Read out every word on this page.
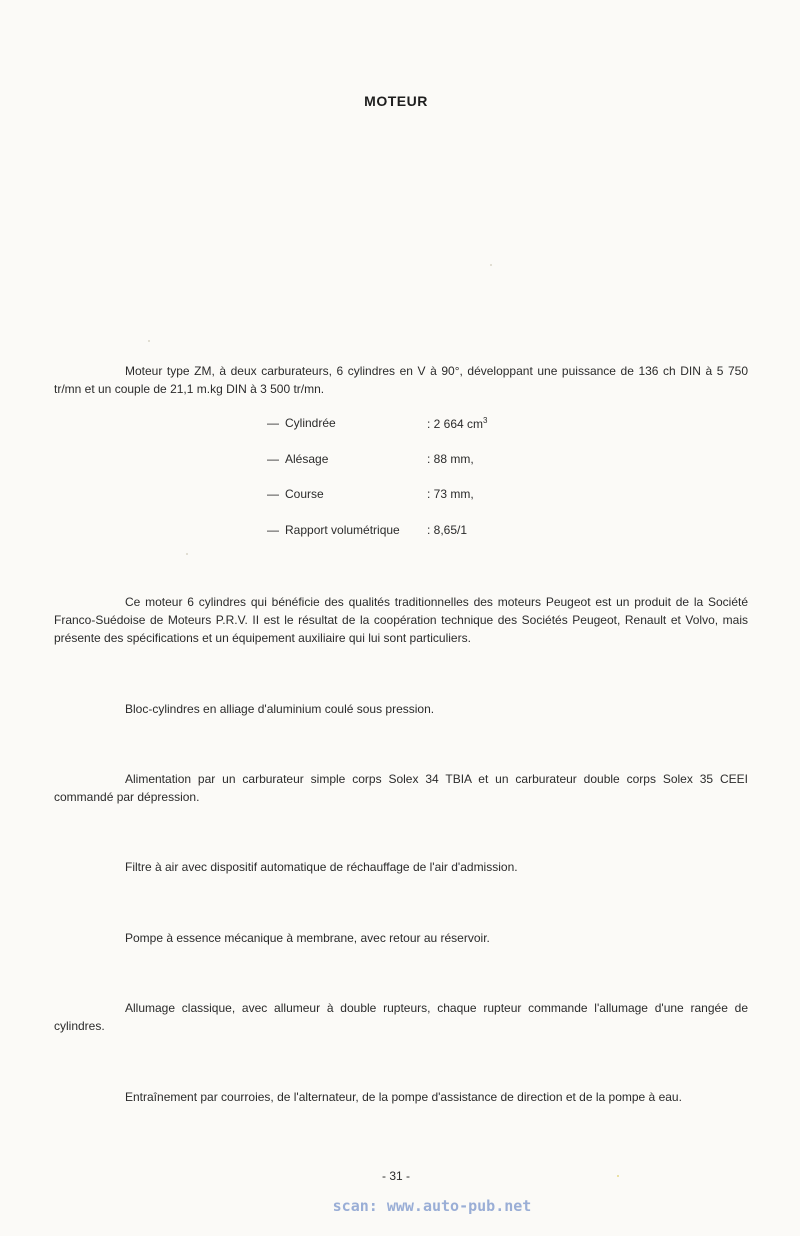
MOTEUR
Moteur type ZM, à deux carburateurs, 6 cylindres en V à 90°, développant une puissance de 136 ch DIN à 5 750 tr/mn et un couple de 21,1 m.kg DIN à 3 500 tr/mn.
— Cylindrée	: 2 664 $cm^3$
— Alésage	: 88 mm,
— Course	: 73 mm,
— Rapport volumétrique : 8,65/1
Ce moteur 6 cylindres qui bénéficie des qualités traditionnelles des moteurs Peugeot est un produit de la Société Franco-Suédoise de Moteurs P.R.V. II est le résultat de la coopération technique des Sociétés Peugeot, Renault et Volvo, mais présente des spécifications et un équipement auxiliaire qui lui sont particuliers.
Bloc-cylindres en alliage d'aluminium coulé sous pression.
Alimentation par un carburateur simple corps Solex 34 TBIA et un carburateur double corps Solex 35 CEEI commandé par dépression.
Filtre à air avec dispositif automatique de réchauffage de l'air d'admission.
Pompe à essence mécanique à membrane, avec retour au réservoir.
Allumage classique, avec allumeur à double rupteurs, chaque rupteur commande l'allumage d'une rangée de cylindres.
Entraînement par courroies, de l'alternateur, de la pompe d'assistance de direction et de la pompe à eau.
- 31 -
scan: www.auto-pub.net
